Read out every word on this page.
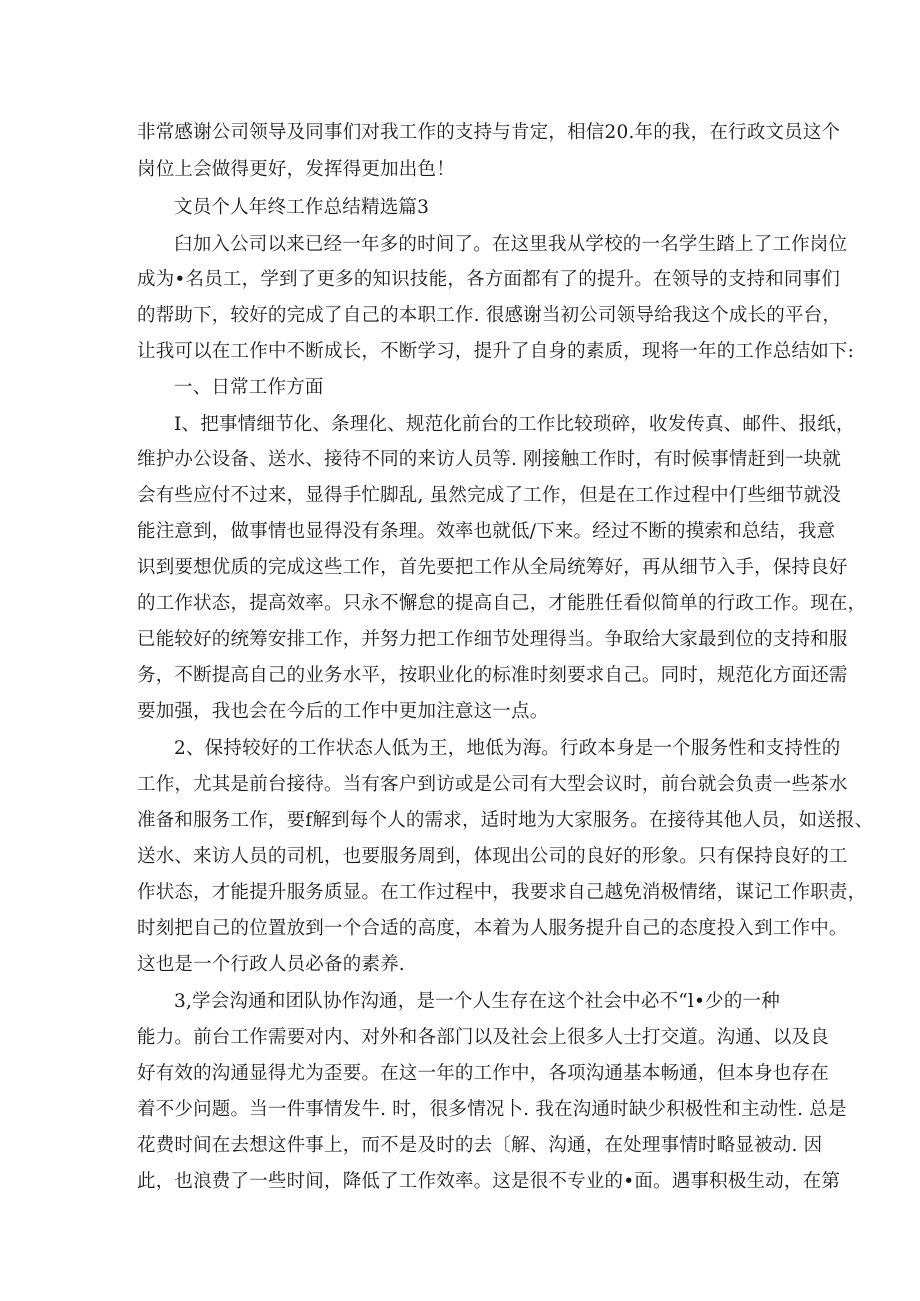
非常感谢公司领导及同事们对我工作的支持与肯定，相信20.年的我，在行政文员这个
岗位上会做得更好，发挥得更加出色！
文员个人年终工作总结精选篇3
臼加入公司以来已经一年多的时间了。在这里我从学校的一名学生踏上了工作岗位
成为•名员工，学到了更多的知识技能，各方面都有了的提升。在领导的支持和同事们
的帮助下，较好的完成了自己的本职工作. 很感谢当初公司领导给我这个成长的平台，
让我可以在工作中不断成长，不断学习，提升了自身的素质，现将一年的工作总结如下:
一、日常工作方面
I、把事情细节化、条理化、规范化前台的工作比较琐碎，收发传真、邮件、报纸，
维护办公设备、送水、接待不同的来访人员等. 刚接触工作时，有时候事情赶到一块就
会有些应付不过来，显得手忙脚乱, 虽然完成了工作，但是在工作过程中仃些细节就没
能注意到，做事情也显得没有条理。效率也就低/下来。经过不断的摸索和总结，我意
识到要想优质的完成这些工作，首先要把工作从全局统筹好，再从细节入手，保持良好
的工作状态，提高效率。只永不懈怠的提高自己，才能胜任看似简单的行政工作。现在，
已能较好的统筹安排工作，并努力把工作细节处理得当。争取给大家最到位的支持和服
务，不断提高自己的业务水平，按职业化的标准时刻要求自己。同时，规范化方面还需
要加强，我也会在今后的工作中更加注意这一点。
2、保持较好的工作状态人低为王，地低为海。行政本身是一个服务性和支持性的
工作，尤其是前台接待。当有客户到访或是公司有大型会议时，前台就会负责一些茶水
准备和服务工作，要f解到每个人的需求，适时地为大家服务。在接待其他人员，如送报、
送水、来访人员的司机，也要服务周到，体现出公司的良好的形象。只有保持良好的工
作状态，才能提升服务质显。在工作过程中，我要求自己越免消极情绪，谋记工作职责，
时刻把自己的位置放到一个合适的高度，本着为人服务提升自己的态度投入到工作中。
这也是一个行政人员必备的素养.
3,学会沟通和团队协作沟通，是一个人生存在这个社会中必不“l•少的一种
能力。前台工作需要对内、对外和各部门以及社会上很多人士打交道。沟通、以及良
好有效的沟通显得尤为歪要。在这一年的工作中，各项沟通基本畅通，但本身也存在
着不少问题。当一件事情发牛. 时，很多情况卜. 我在沟通时缺少积极性和主动性. 总是
花费时间在去想这件事上，而不是及时的去〔解、沟通，在处理事情时略显被动. 因
此，也浪费了一些时间，降低了工作效率。这是很不专业的•面。遇事积极生动，在第
